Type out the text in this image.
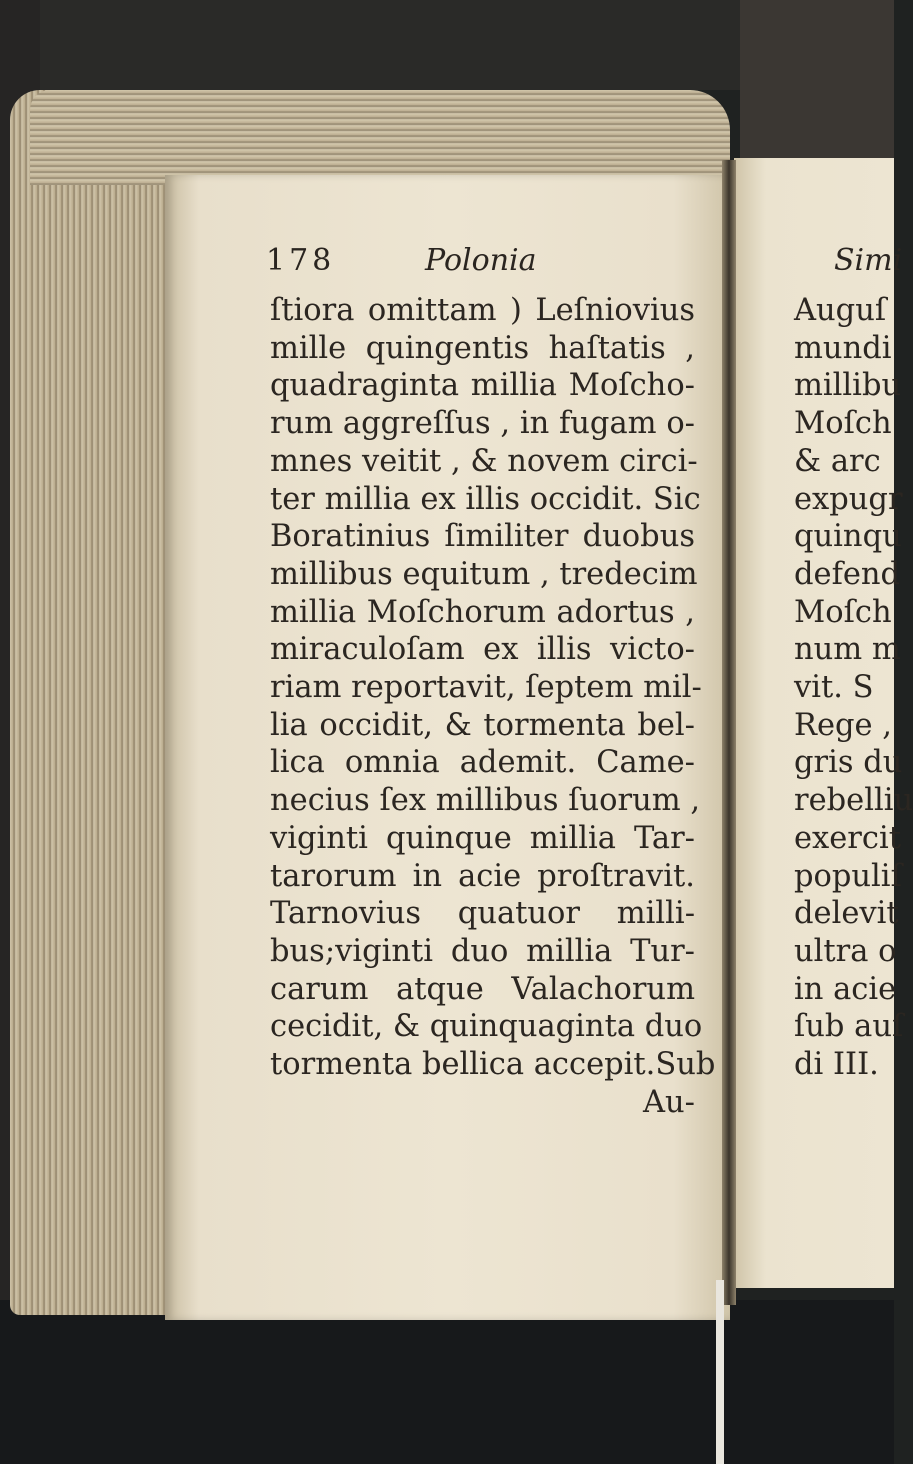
178	Polonia
ſtiora omittam ) Leſniovius
mille quingentis haſtatis ,
quadraginta millia Moſcho-
rum aggreſſus , in fugam o-
mnes veitit , & novem circi-
ter millia ex illis occidit. Sic
Boratinius ſimiliter duobus
millibus equitum , tredecim
millia Moſchorum adortus ,
miraculoſam ex illis victo-
riam reportavit, ſeptem mil-
lia occidit, & tormenta bel-
lica omnia ademit. Came-
necius ſex millibus ſuorum ,
viginti quinque millia Tar-
tarorum in acie proſtravit.
Tarnovius quatuor milli-
bus;viginti duo millia Tur-
carum atque Valachorum
cecidit, & quinquaginta duo
tormenta bellica accepit.Sub
Au-
Simi
Auguſ
mundi
millibu
Moſch
& arc
expugr
quinqu
defend
Moſch
num m
vit. S
Rege ,
gris du
rebelliu
exercit
populiſ
delevit
ultra o
in acie
ſub auſ
di III.
